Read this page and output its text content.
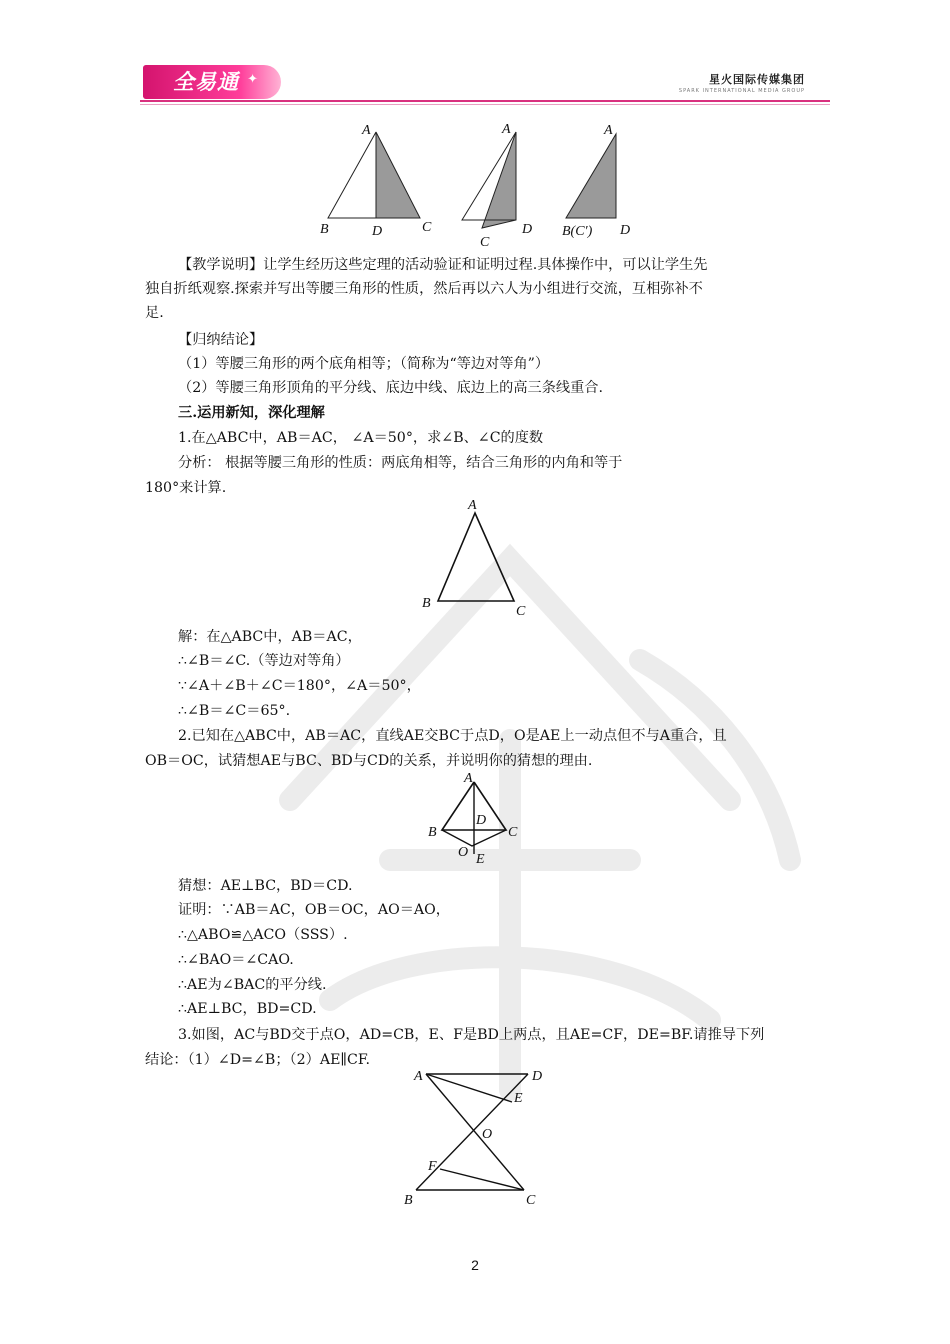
全易通 ✦	星火国际传媒集团
SPARK INTERNATIONAL MEDIA GROUP
A
B	D	C
A
D
C
A
B(C′) D
【教学说明】让学生经历这些定理的活动验证和证明过程.具体操作中，可以让学生先
独自折纸观察.探索并写出等腰三角形的性质，然后再以六人为小组进行交流，互相弥补不
足.
【归纳结论】
（1）等腰三角形的两个底角相等；（简称为“等边对等角”）
（2）等腰三角形顶角的平分线、底边中线、底边上的高三条线重合.
三.运用新知，深化理解
1.在△ABC中，AB＝AC， ∠A＝50°，求∠B、∠C的度数
分析： 根据等腰三角形的性质：两底角相等，结合三角形的内角和等于
180°来计算.
A
B
C
解：在△ABC中，AB＝AC，
∴∠B＝∠C.（等边对等角）
∵∠A＋∠B＋∠C＝180°，∠A＝50°，
∴∠B＝∠C＝65°.
2.已知在△ABC中，AB＝AC，直线AE交BC于点D，O是AE上一动点但不与A重合，且
OB＝OC，试猜想AE与BC、BD与CD的关系，并说明你的猜想的理由.
A
B	C
D
O E
猜想：AE⊥BC，BD＝CD.
证明：∵AB＝AC，OB＝OC，AO＝AO，
∴△ABO≌△ACO（SSS）.
∴∠BAO＝∠CAO.
∴AE为∠BAC的平分线.
∴AE⊥BC，BD=CD.
3.如图，AC与BD交于点O，AD=CB，E、F是BD上两点，且AE=CF，DE=BF.请推导下列
结论：（1）∠D=∠B；（2）AE∥CF.
A	D
E
O
F
B	C
2
